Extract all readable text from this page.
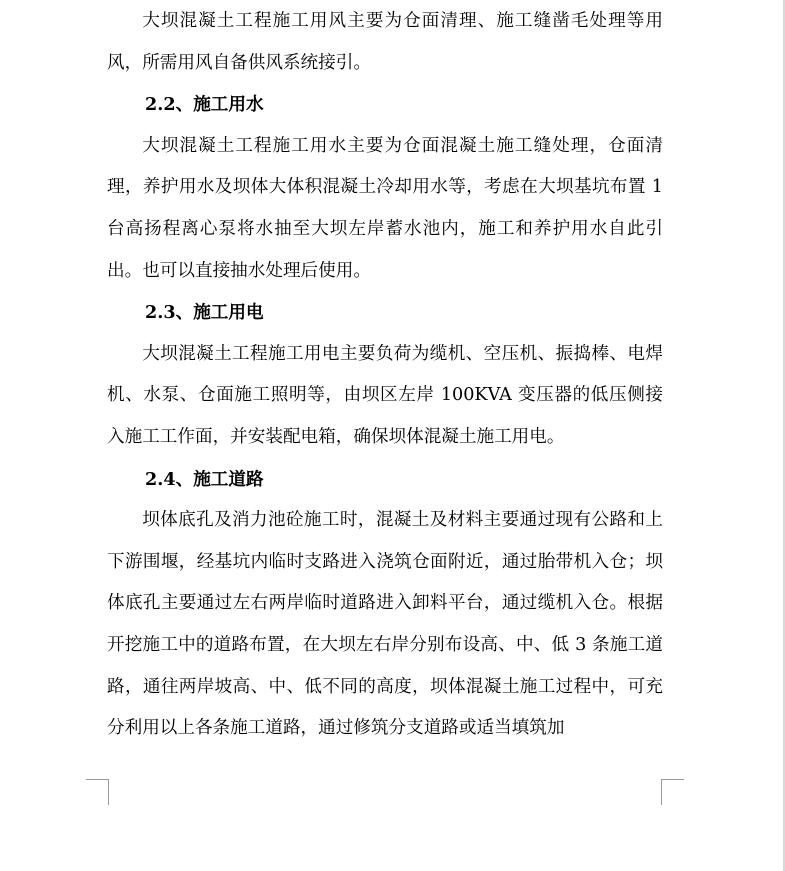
大坝混凝土工程施工用风主要为仓面清理、施工缝凿毛处理等用风，所需用风自备供风系统接引。

2.2、施工用水

大坝混凝土工程施工用水主要为仓面混凝土施工缝处理，仓面清理，养护用水及坝体大体积混凝土冷却用水等，考虑在大坝基坑布置 1 台高扬程离心泵将水抽至大坝左岸蓄水池内，施工和养护用水自此引出。也可以直接抽水处理后使用。

2.3、施工用电

大坝混凝土工程施工用电主要负荷为缆机、空压机、振捣棒、电焊机、水泵、仓面施工照明等，由坝区左岸 100KVA 变压器的低压侧接入施工工作面，并安装配电箱，确保坝体混凝土施工用电。

2.4、施工道路

坝体底孔及消力池砼施工时，混凝土及材料主要通过现有公路和上下游围堰，经基坑内临时支路进入浇筑仓面附近，通过胎带机入仓；坝体底孔主要通过左右两岸临时道路进入卸料平台，通过缆机入仓。根据开挖施工中的道路布置，在大坝左右岸分别布设高、中、低 3 条施工道路，通往两岸坡高、中、低不同的高度，坝体混凝土施工过程中，可充分利用以上各条施工道路，通过修筑分支道路或适当填筑加
